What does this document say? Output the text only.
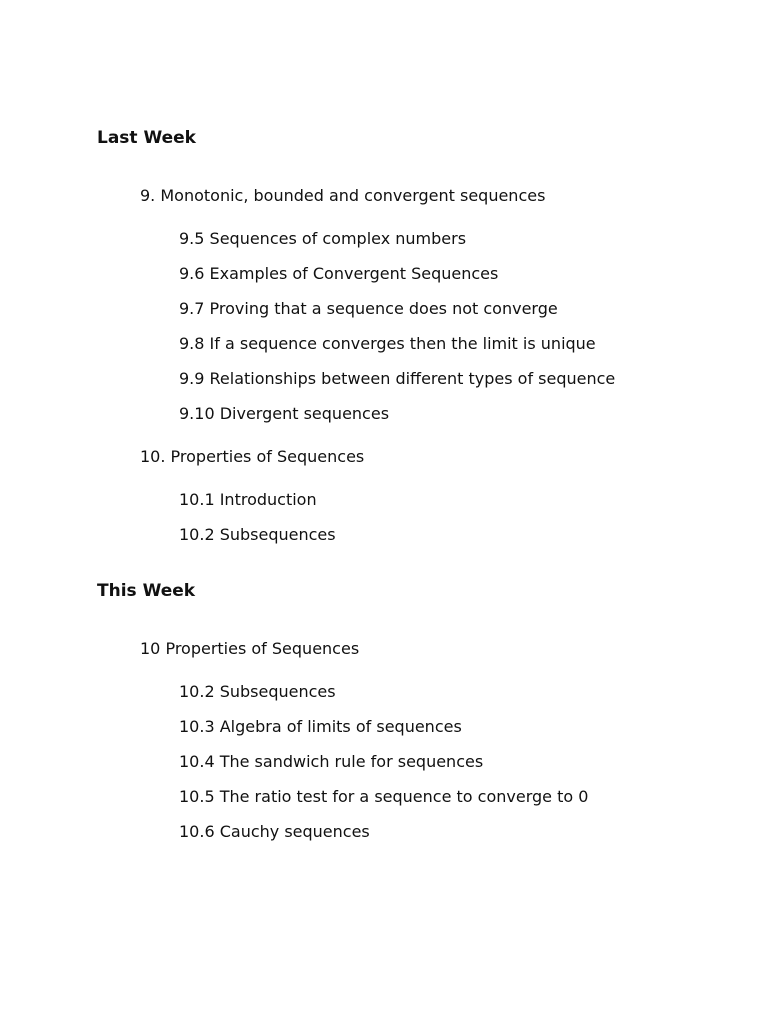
Last Week
9. Monotonic, bounded and convergent sequences
9.5 Sequences of complex numbers
9.6 Examples of Convergent Sequences
9.7 Proving that a sequence does not converge
9.8 If a sequence converges then the limit is unique
9.9 Relationships between different types of sequence
9.10 Divergent sequences
10. Properties of Sequences
10.1 Introduction
10.2 Subsequences
This Week
10 Properties of Sequences
10.2 Subsequences
10.3 Algebra of limits of sequences
10.4 The sandwich rule for sequences
10.5 The ratio test for a sequence to converge to 0
10.6 Cauchy sequences
